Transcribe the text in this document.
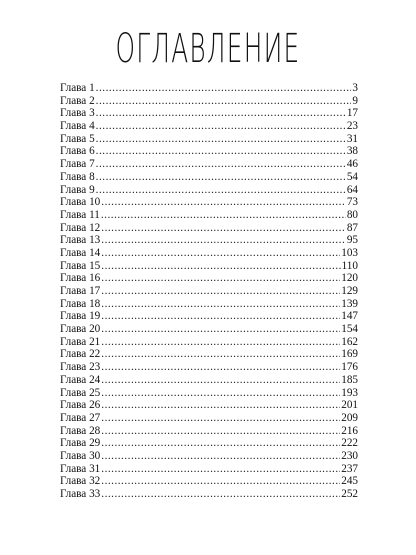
ОГЛАВЛЕНИЕ
Глава 1 .....	3
Глава 2 .....	9
Глава 3 .....	17
Глава 4 .....	23
Глава 5 .....	31
Глава 6 .....	38
Глава 7 .....	46
Глава 8 .....	54
Глава 9 .....	64
Глава 10 .....	73
Глава 11 .....	80
Глава 12 .....	87
Глава 13 .....	95
Глава 14 .....	103
Глава 15 .....	110
Глава 16 .....	120
Глава 17 .....	129
Глава 18 .....	139
Глава 19 .....	147
Глава 20 .....	154
Глава 21 .....	162
Глава 22 .....	169
Глава 23 .....	176
Глава 24 .....	185
Глава 25 .....	193
Глава 26 .....	201
Глава 27 .....	209
Глава 28 .....	216
Глава 29 .....	222
Глава 30 .....	230
Глава 31 .....	237
Глава 32 .....	245
Глава 33 .....	252
